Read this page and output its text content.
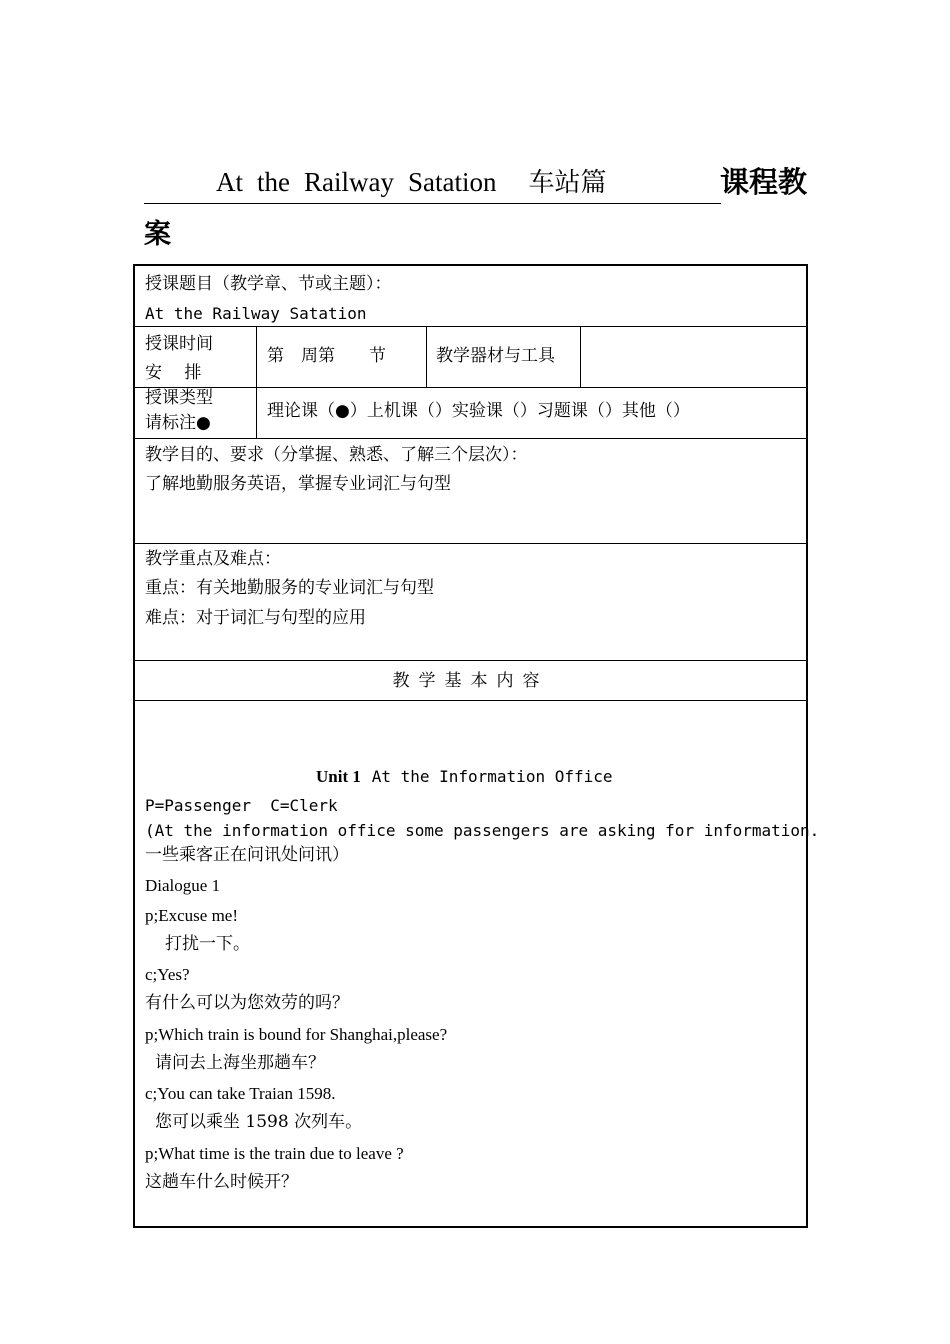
At the Railway Satation 车站篇	课程教
案
授课题目（教学章、节或主题）：
At the Railway Satation
授课时间
安　 排
第　周第　　节	教学器材与工具
授课类型
请标注●
理论课（●）上机课（）实验课（）习题课（）其他（）
教学目的、要求（分掌握、熟悉、了解三个层次）：
了解地勤服务英语，掌握专业词汇与句型
教学重点及难点：
重点：有关地勤服务的专业词汇与句型
难点：对于词汇与句型的应用
教学基本内容
Unit 1 At the Information Office
P=Passenger  C=Clerk
(At the information office some passengers are asking for information.
一些乘客正在问讯处问讯）
Dialogue 1
p;Excuse me!
打扰一下。
c;Yes?
有什么可以为您效劳的吗？
p;Which train is bound for Shanghai,please?
请问去上海坐那趟车？
c;You can take Traian 1598.
您可以乘坐 1598 次列车。
p;What time is the train due to leave ?
这趟车什么时候开？
